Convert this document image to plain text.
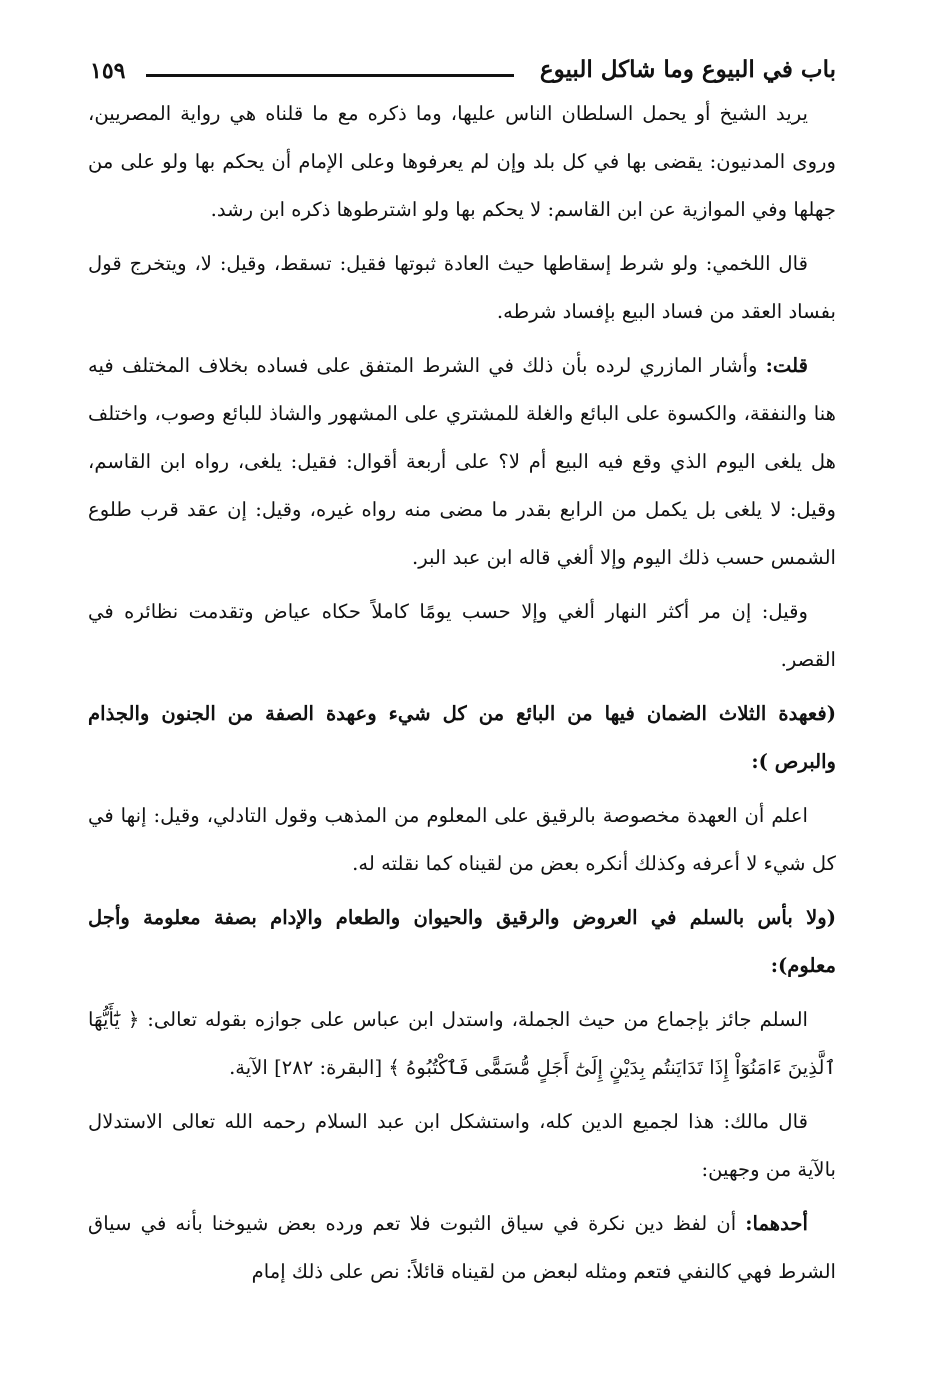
باب في البيوع وما شاكل البيوع
١٥٩

يريد الشيخ أو يحمل السلطان الناس عليها، وما ذكره مع ما قلناه هي رواية المصريين، وروى المدنيون: يقضى بها في كل بلد وإن لم يعرفوها وعلى الإمام أن يحكم بها ولو على من جهلها وفي الموازية عن ابن القاسم: لا يحكم بها ولو اشترطوها ذكره ابن رشد.

قال اللخمي: ولو شرط إسقاطها حيث العادة ثبوتها فقيل: تسقط، وقيل: لا، ويتخرج قول بفساد العقد من فساد البيع بإفساد شرطه.

قلت: وأشار المازري لرده بأن ذلك في الشرط المتفق على فساده بخلاف المختلف فيه هنا والنفقة، والكسوة على البائع والغلة للمشتري على المشهور والشاذ للبائع وصوب، واختلف هل يلغى اليوم الذي وقع فيه البيع أم لا؟ على أربعة أقوال: فقيل: يلغى، رواه ابن القاسم، وقيل: لا يلغى بل يكمل من الرابع بقدر ما مضى منه رواه غيره، وقيل: إن عقد قرب طلوع الشمس حسب ذلك اليوم وإلا ألغي قاله ابن عبد البر.

وقيل: إن مر أكثر النهار ألغي وإلا حسب يومًا كاملاً حكاه عياض وتقدمت نظائره في القصر.

(فعهدة الثلاث الضمان فيها من البائع من كل شيء وعهدة الصفة من الجنون والجذام والبرص ):

اعلم أن العهدة مخصوصة بالرقيق على المعلوم من المذهب وقول التادلي، وقيل: إنها في كل شيء لا أعرفه وكذلك أنكره بعض من لقيناه كما نقلته له.

(ولا بأس بالسلم في العروض والرقيق والحيوان والطعام والإدام بصفة معلومة وأجل معلوم):

السلم جائز بإجماع من حيث الجملة، واستدل ابن عباس على جوازه بقوله تعالى: ﴿ يَٰٓأَيُّهَا ٱلَّذِينَ ءَامَنُوٓاْ إِذَا تَدَايَنتُم بِدَيْنٍ إِلَىٰٓ أَجَلٍ مُّسَمًّى فَٱكْتُبُوهُ ﴾ [البقرة: ٢٨٢] الآية.

قال مالك: هذا لجميع الدين كله، واستشكل ابن عبد السلام رحمه الله تعالى الاستدلال بالآية من وجهين:

أحدهما: أن لفظ دين نكرة في سياق الثبوت فلا تعم ورده بعض شيوخنا بأنه في سياق الشرط فهي كالنفي فتعم ومثله لبعض من لقيناه قائلاً: نص على ذلك إمام
